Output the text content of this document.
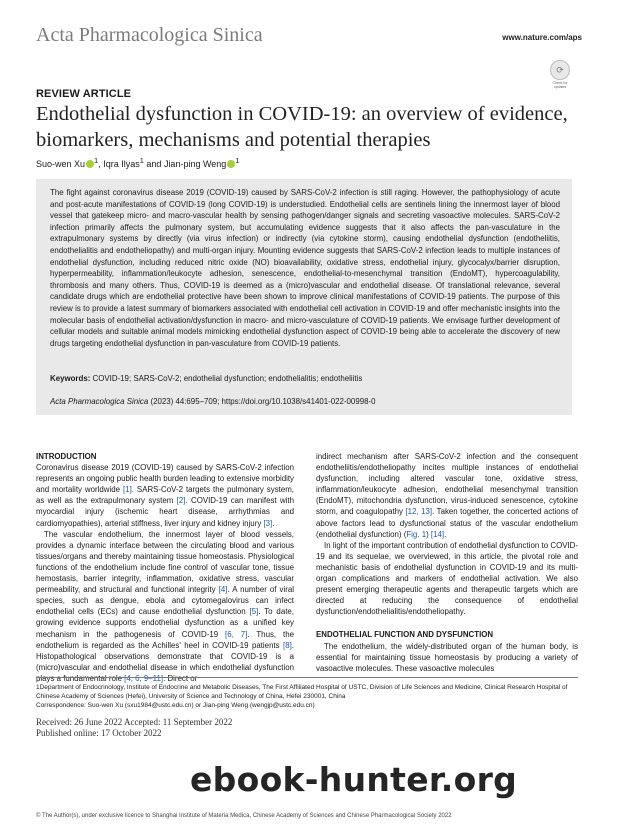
Acta Pharmacologica Sinica	www.nature.com/aps
⟳
Check for updates
REVIEW ARTICLE
Endothelial dysfunction in COVID-19: an overview of evidence, biomarkers, mechanisms and potential therapies
Suo-wen Xu $^1$, Iqra Ilyas$^1$ and Jian-ping Weng $^1$
The fight against coronavirus disease 2019 (COVID-19) caused by SARS-CoV-2 infection is still raging. However, the pathophysiology of acute and post-acute manifestations of COVID-19 (long COVID-19) is understudied. Endothelial cells are sentinels lining the innermost layer of blood vessel that gatekeep micro- and macro-vascular health by sensing pathogen/danger signals and secreting vasoactive molecules. SARS-CoV-2 infection primarily affects the pulmonary system, but accumulating evidence suggests that it also affects the pan-vasculature in the extrapulmonary systems by directly (via virus infection) or indirectly (via cytokine storm), causing endothelial dysfunction (endotheliitis, endothelialitis and endotheliopathy) and multi-organ injury. Mounting evidence suggests that SARS-CoV-2 infection leads to multiple instances of endothelial dysfunction, including reduced nitric oxide (NO) bioavailability, oxidative stress, endothelial injury, glycocalyx/barrier disruption, hyperpermeability, inflammation/leukocyte adhesion, senescence, endothelial-to-mesenchymal transition (EndoMT), hypercoagulability, thrombosis and many others. Thus, COVID-19 is deemed as a (micro)vascular and endothelial disease. Of translational relevance, several candidate drugs which are endothelial protective have been shown to improve clinical manifestations of COVID-19 patients. The purpose of this review is to provide a latest summary of biomarkers associated with endothelial cell activation in COVID-19 and offer mechanistic insights into the molecular basis of endothelial activation/dysfunction in macro- and micro-vasculature of COVID-19 patients. We envisage further development of cellular models and suitable animal models mimicking endothelial dysfunction aspect of COVID-19 being able to accelerate the discovery of new drugs targeting endothelial dysfunction in pan-vasculature from COVID-19 patients.
Keywords: COVID-19; SARS-CoV-2; endothelial dysfunction; endothelialitis; endotheliitis
Acta Pharmacologica Sinica (2023) 44:695–709; https://doi.org/10.1038/s41401-022-00998-0
INTRODUCTION

Coronavirus disease 2019 (COVID-19) caused by SARS-CoV-2 infection represents an ongoing public health burden leading to extensive morbidity and mortality worldwide [1]. SARS-CoV-2 targets the pulmonary system, as well as the extrapulmonary system [2]. COVID-19 can manifest with myocardial injury (ischemic heart disease, arrhythmias and cardiomyopathies), arterial stiffness, liver injury and kidney injury [3].

The vascular endothelium, the innermost layer of blood vessels, provides a dynamic interface between the circulating blood and various tissues/organs and thereby maintaining tissue homeostasis. Physiological functions of the endothelium include fine control of vascular tone, tissue hemostasis, barrier integrity, inflammation, oxidative stress, vascular permeability, and structural and functional integrity [4]. A number of viral species, such as dengue, ebola and cytomegalovirus can infect endothelial cells (ECs) and cause endothelial dysfunction [5]. To date, growing evidence supports endothelial dysfunction as a unified key mechanism in the pathogenesis of COVID-19 [6, 7]. Thus, the endothelium is regarded as the Achilles' heel in COVID-19 patients [8]. Histopathological observations demonstrate that COVID-19 is a (micro)vascular and endothelial disease in which endothelial dysfunction plays a fundamental role [4, 6, 9–11]. Direct or

indirect mechanism after SARS-CoV-2 infection and the consequent endotheliitis/endotheliopathy incites multiple instances of endothelial dysfunction, including altered vascular tone, oxidative stress, inflammation/leukocyte adhesion, endothelial mesenchymal transition (EndoMT), mitochondria dysfunction, virus-induced senescence, cytokine storm, and coagulopathy [12, 13]. Taken together, the concerted actions of above factors lead to dysfunctional status of the vascular endothelium (endothelial dysfunction) (Fig. 1) [14].

In light of the important contribution of endothelial dysfunction to COVID-19 and its sequelae, we overviewed, in this article, the pivotal role and mechanistic basis of endothelial dysfunction in COVID-19 and its multi-organ complications and markers of endothelial activation. We also present emerging therapeutic agents and therapeutic targets which are directed at reducing the consequence of endothelial dysfunction/endothelialitis/endotheliopathy.

ENDOTHELIAL FUNCTION AND DYSFUNCTION

The endothelium, the widely-distributed organ of the human body, is essential for maintaining tissue homeostasis by producing a variety of vasoactive molecules. These vasoactive molecules

1Department of Endocrinology, Institute of Endocrine and Metabolic Diseases, The First Affiliated Hospital of USTC, Division of Life Sciences and Medicine, Clinical Research Hospital of Chinese Academy of Sciences (Hefei), University of Science and Technology of China, Hefei 230001, China
Correspondence: Suo-wen Xu (sxu1984@ustc.edu.cn) or Jian-ping Weng (wengjp@ustc.edu.cn)
Received: 26 June 2022 Accepted: 11 September 2022
Published online: 17 October 2022
© The Author(s), under exclusive licence to Shanghai Institute of Materia Medica, Chinese Academy of Sciences and Chinese Pharmacological Society 2022
ebook-hunter.org
